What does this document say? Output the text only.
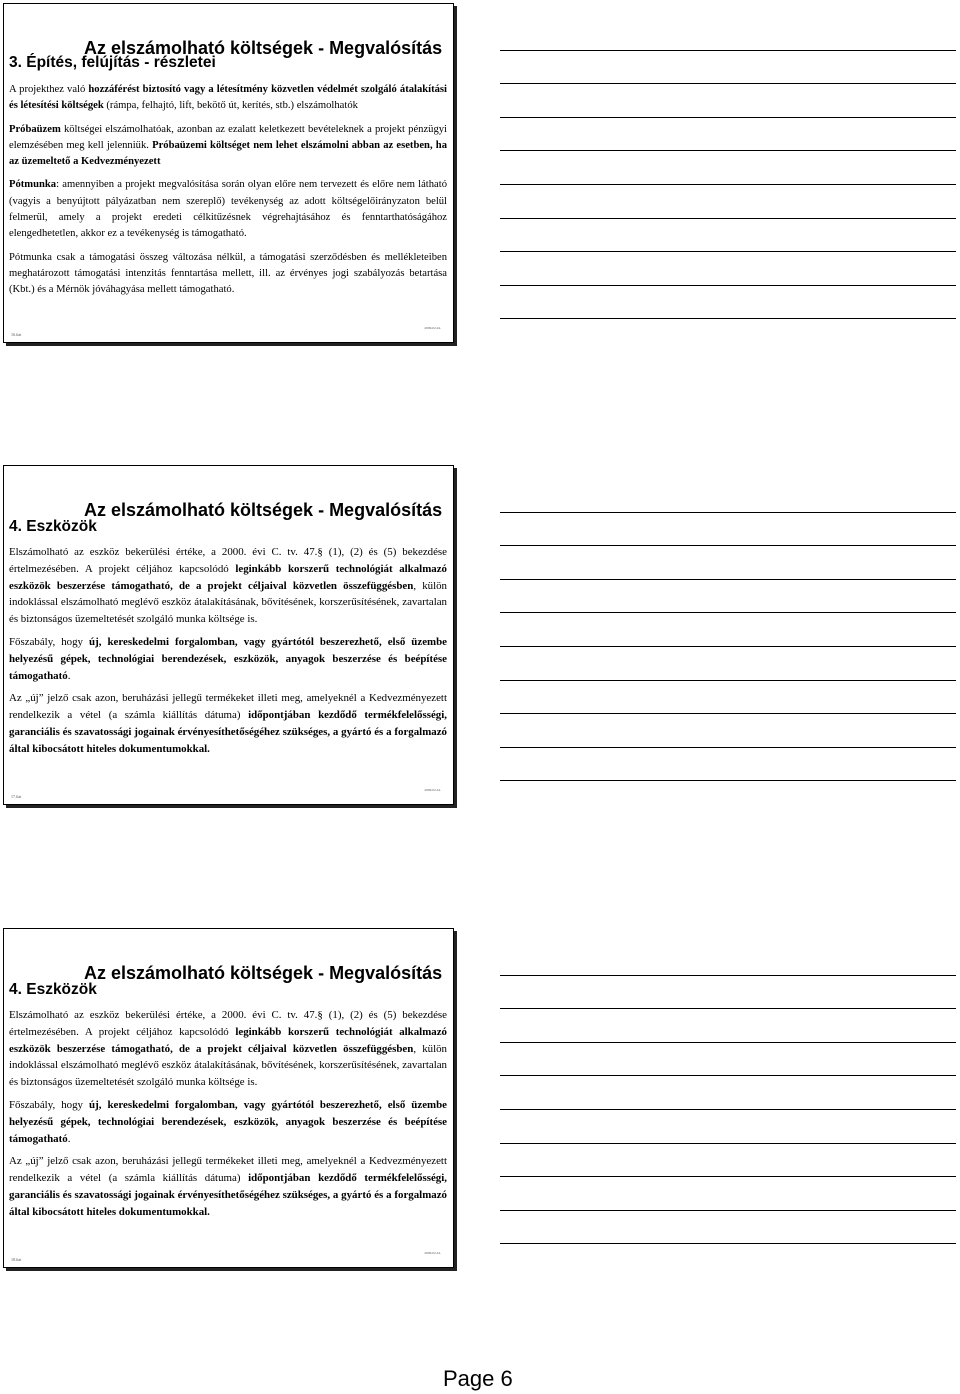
Az elszámolható költségek - Megvalósítás
3. Építés, felújítás - részletei

A projekthez való hozzáférést biztosító vagy a létesítmény közvetlen védelmét szolgáló átalakítási és létesítési költségek (rámpa, felhajtó, lift, bekötő út, kerítés, stb.) elszámolhatók

Próbaüzem költségei elszámolhatóak, azonban az ezalatt keletkezett bevételeknek a projekt pénzügyi elemzésében meg kell jelenniük. Próbaüzemi költséget nem lehet elszámolni abban az esetben, ha az üzemeltető a Kedvezményezett

Pótmunka: amennyiben a projekt megvalósítása során olyan előre nem tervezett és előre nem látható (vagyis a benyújtott pályázatban nem szereplő) tevékenység az adott költségelőirányzaton belül felmerül, amely a projekt eredeti célkitűzésnek végrehajtásához és fenntarthatóságához elengedhetetlen, akkor ez a tevékenység is támogatható.

Pótmunka csak a támogatási összeg változása nélkül, a támogatási szerződésben és mellékleteiben meghatározott támogatási intenzitás fenntartása mellett, ill. az érvényes jogi szabályozás betartása (Kbt.) és a Mérnök jóváhagyása mellett támogatható.

16.fiat
2009.02.24.
Az elszámolható költségek - Megvalósítás
4. Eszközök

Elszámolható az eszköz bekerülési értéke, a 2000. évi C. tv. 47.§ (1), (2) és (5) bekezdése értelmezésében. A projekt céljához kapcsolódó leginkább korszerű technológiát alkalmazó eszközök beszerzése támogatható, de a projekt céljaival közvetlen összefüggésben, külön indoklással elszámolható meglévő eszköz átalakításának, bővítésének, korszerűsítésének, zavartalan és biztonságos üzemeltetését szolgáló munka költsége is.

Főszabály, hogy új, kereskedelmi forgalomban, vagy gyártótól beszerezhető, első üzembe helyezésű gépek, technológiai berendezések, eszközök, anyagok beszerzése és beépítése támogatható.

Az „új” jelző csak azon, beruházási jellegű termékeket illeti meg, amelyeknél a Kedvezményezett rendelkezik a vétel (a számla kiállítás dátuma) időpontjában kezdődő termékfelelősségi, garanciális és szavatossági jogainak érvényesíthetőségéhez szükséges, a gyártó és a forgalmazó által kibocsátott hiteles dokumentumokkal.

17.fiat
2009.02.24.
Az elszámolható költségek - Megvalósítás
4. Eszközök

Elszámolható az eszköz bekerülési értéke, a 2000. évi C. tv. 47.§ (1), (2) és (5) bekezdése értelmezésében. A projekt céljához kapcsolódó leginkább korszerű technológiát alkalmazó eszközök beszerzése támogatható, de a projekt céljaival közvetlen összefüggésben, külön indoklással elszámolható meglévő eszköz átalakításának, bővítésének, korszerűsítésének, zavartalan és biztonságos üzemeltetését szolgáló munka költsége is.

Főszabály, hogy új, kereskedelmi forgalomban, vagy gyártótól beszerezhető, első üzembe helyezésű gépek, technológiai berendezések, eszközök, anyagok beszerzése és beépítése támogatható.

Az „új” jelző csak azon, beruházási jellegű termékeket illeti meg, amelyeknél a Kedvezményezett rendelkezik a vétel (a számla kiállítás dátuma) időpontjában kezdődő termékfelelősségi, garanciális és szavatossági jogainak érvényesíthetőségéhez szükséges, a gyártó és a forgalmazó által kibocsátott hiteles dokumentumokkal.

18.fiat
2009.02.24.
Page 6
